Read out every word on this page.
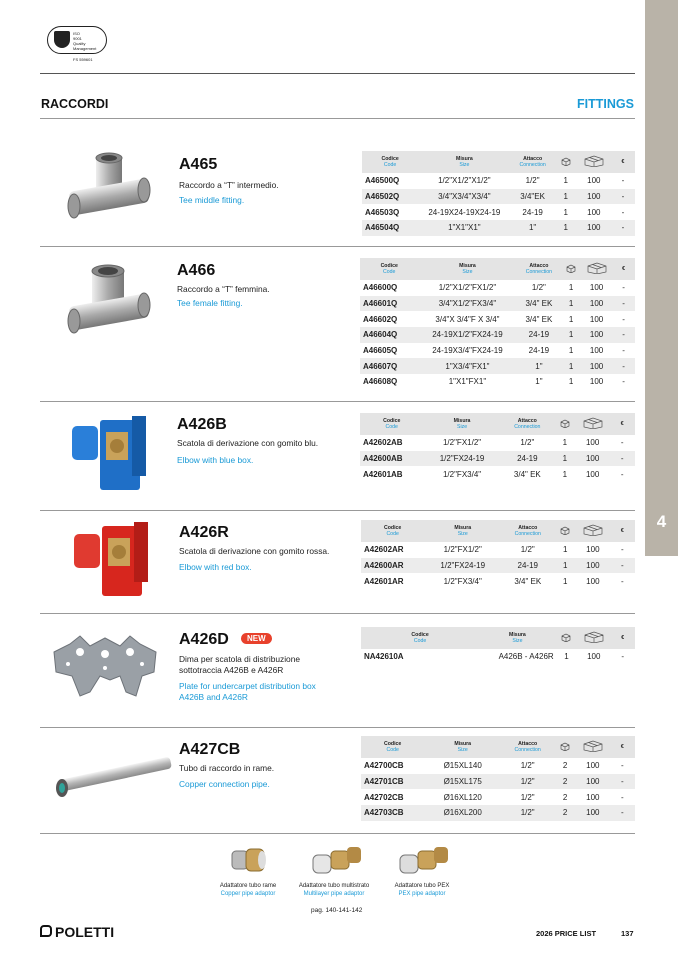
ISO
9001
Quality
Management
FS 559601
RACCORDI	FITTINGS
4
A465
Raccordo a “T” intermedio.
Tee middle fitting.
Codice
Code	Misura
Size	Attacco
Connection			€
A46500Q	1/2"X1/2"X1/2"	1/2"	1	100	-
A46502Q	3/4"X3/4"X3/4"	3/4"EK	1	100	-
A46503Q	24-19X24-19X24-19	24-19	1	100	-
A46504Q	1"X1"X1"	1"	1	100	-
A466
Raccordo a “T” femmina.
Tee female fitting.
Codice
Code	Misura
Size	Attacco
Connection			€
A46600Q	1/2"X1/2"FX1/2"	1/2"	1	100	-
A46601Q	3/4"X1/2"FX3/4"	3/4" EK	1	100	-
A46602Q	3/4"X 3/4"F X 3/4"	3/4" EK	1	100	-
A46604Q	24-19X1/2"FX24-19	24-19	1	100	-
A46605Q	24-19X3/4"FX24-19	24-19	1	100	-
A46607Q	1"X3/4"FX1"	1"	1	100	-
A46608Q	1"X1"FX1"	1"	1	100	-
A426B
Scatola di derivazione con gomito blu.
Elbow with blue box.
Codice
Code	Misura
Size	Attacco
Connection			€
A42602AB	1/2"FX1/2"	1/2"	1	100	-
A42600AB	1/2"FX24-19	24-19	1	100	-
A42601AB	1/2"FX3/4"	3/4" EK	1	100	-
A426R
Scatola di derivazione con gomito rossa.
Elbow with red box.
Codice
Code	Misura
Size	Attacco
Connection			€
A42602AR	1/2"FX1/2"	1/2"	1	100	-
A42600AR	1/2"FX24-19	24-19	1	100	-
A42601AR	1/2"FX3/4"	3/4" EK	1	100	-
A426D	NEW
Dima per scatola di distribuzione sottotraccia A426B e A426R
Plate for undercarpet distribution box A426B and A426R
Codice
Code	Misura
Size			€
NA42610A	A426B - A426R	1	100	-
A427CB
Tubo di raccordo in rame.
Copper connection pipe.
Codice
Code	Misura
Size	Attacco
Connection			€
A42700CB	Ø15XL140	1/2"	2	100	-
A42701CB	Ø15XL175	1/2"	2	100	-
A42702CB	Ø16XL120	1/2"	2	100	-
A42703CB	Ø16XL200	1/2"	2	100	-
Adattatore tubo rame
Copper pipe adaptor
Adattatore tubo multistrato
Multilayer pipe adaptor
Adattatore tubo PEX
PEX pipe adaptor
pag. 140-141-142
POLETTI	2026 PRICE LIST	137
